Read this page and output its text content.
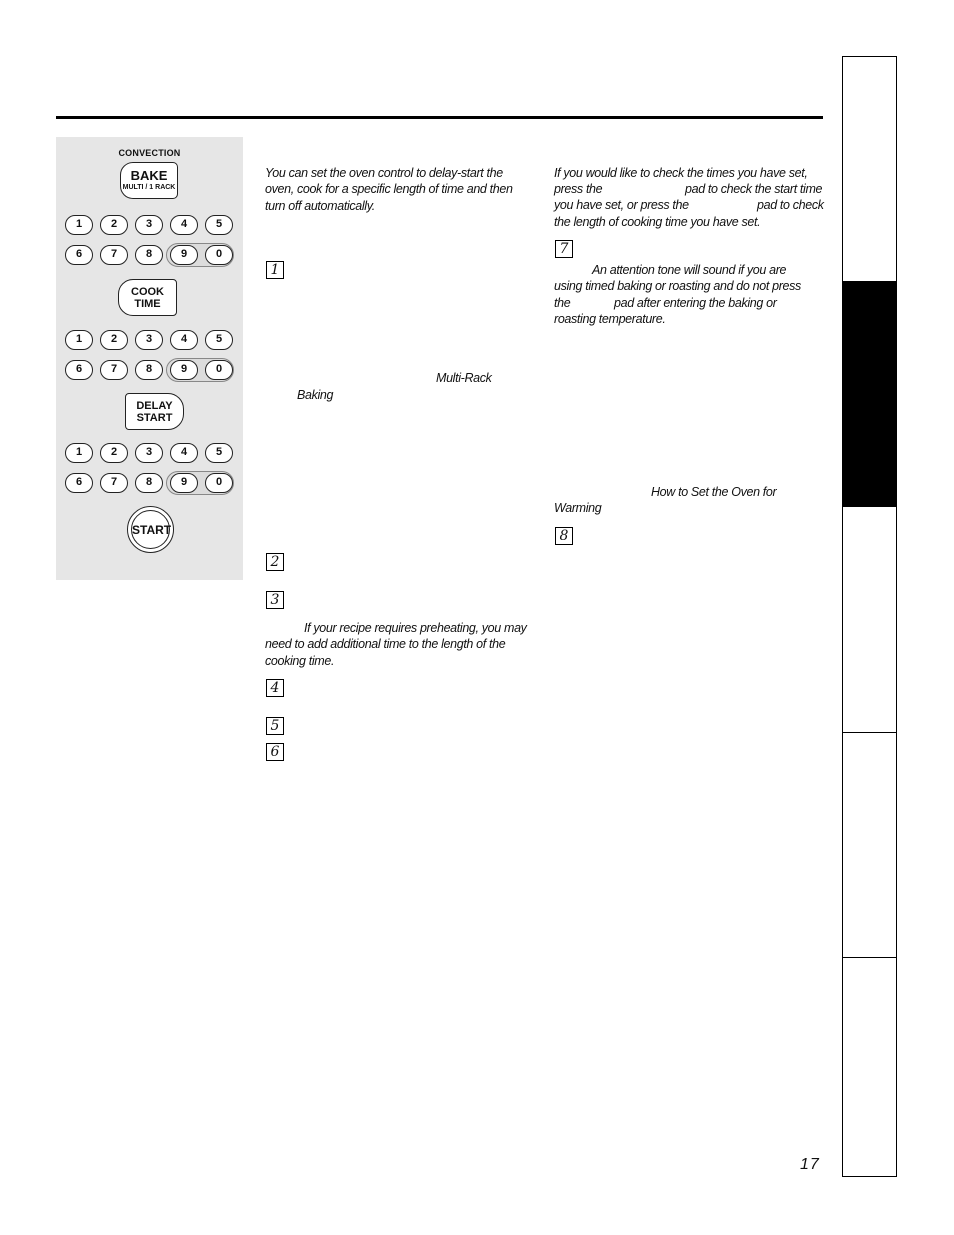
CONVECTION
BAKE
MULTI / 1 RACK
1	2	3	4	5
6	7	8	9	0
COOK
TIME
1	2	3	4	5
6	7	8	9	0
DELAY
START
1	2	3	4	5
6	7	8	9	0
START
You can set the oven control to delay-start the oven, cook for a specific length of time and then turn off automatically.
1
Multi-Rack
Baking
2
3
If your recipe requires preheating, you may need to add additional time to the length of the cooking time.
4
5
6
If you would like to check the times you have set,
press the	pad to check the start time
you have set, or press the	pad to check
the length of cooking time you have set.
7
An attention tone will sound if you are
using timed baking or roasting and do not press
the	pad after entering the baking or
roasting temperature.
How to Set the Oven for
Warming
8
17
